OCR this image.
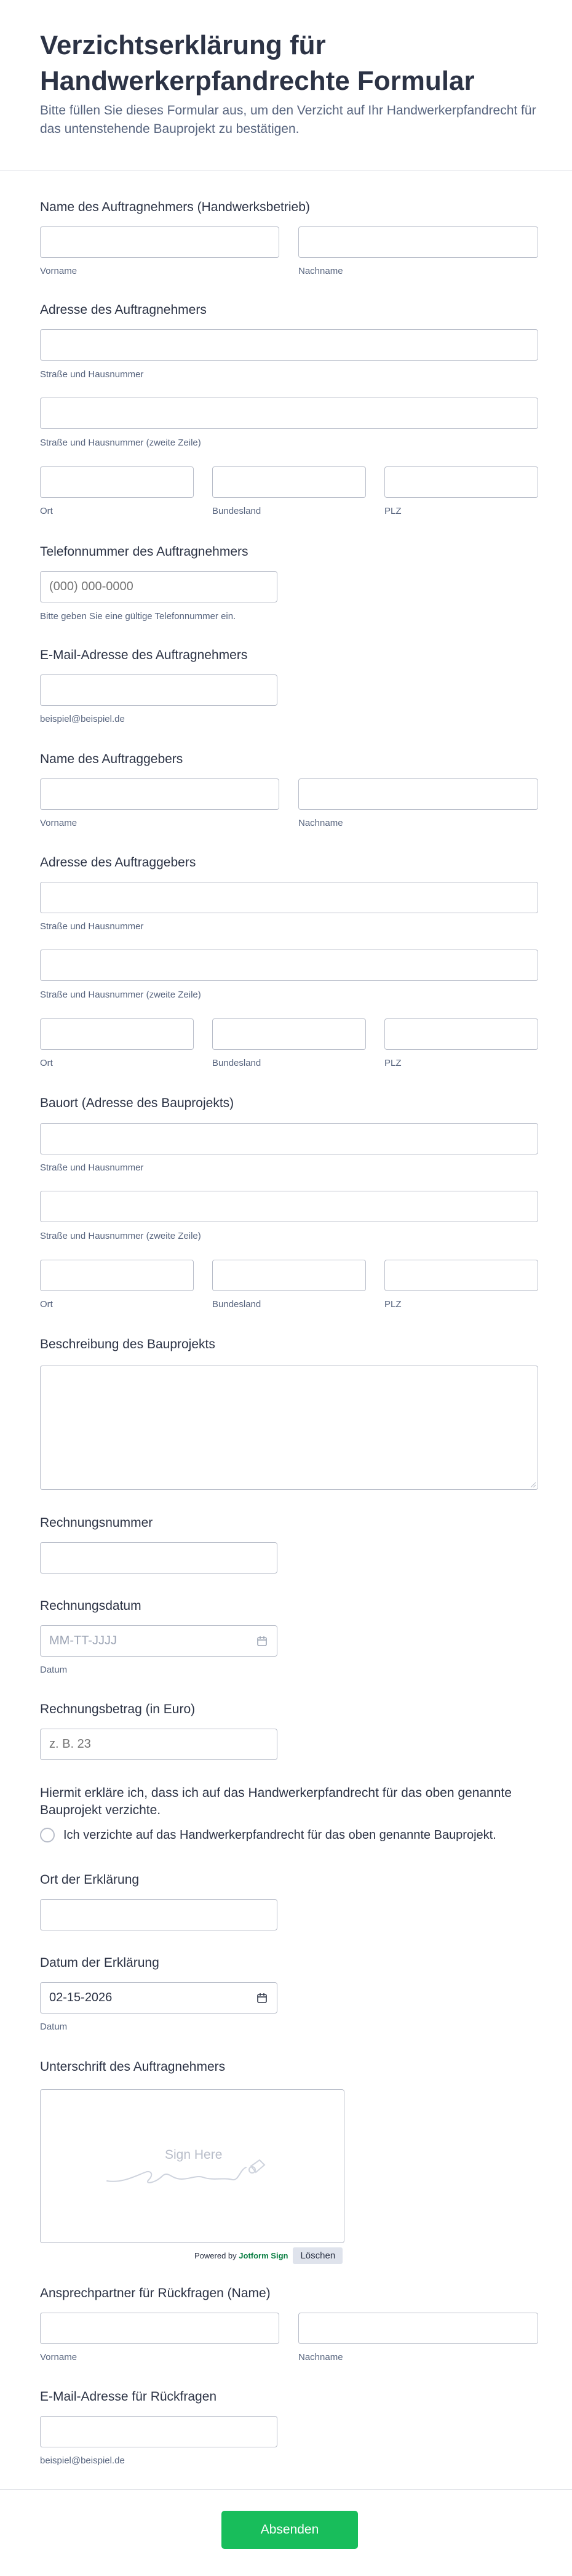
Verzichtserklärung für Handwerkerpfandrechte Formular
Bitte füllen Sie dieses Formular aus, um den Verzicht auf Ihr Handwerkerpfandrecht für das untenstehende Bauprojekt zu bestätigen.
Name des Auftragnehmers (Handwerksbetrieb)
Vorname	Nachname
Adresse des Auftragnehmers
Straße und Hausnummer
Straße und Hausnummer (zweite Zeile)
Ort	Bundesland	PLZ
Telefonnummer des Auftragnehmers
(000) 000-0000
Bitte geben Sie eine gültige Telefonnummer ein.
E-Mail-Adresse des Auftragnehmers
beispiel@beispiel.de
Name des Auftraggebers
Vorname	Nachname
Adresse des Auftraggebers
Straße und Hausnummer
Straße und Hausnummer (zweite Zeile)
Ort	Bundesland	PLZ
Bauort (Adresse des Bauprojekts)
Straße und Hausnummer
Straße und Hausnummer (zweite Zeile)
Ort	Bundesland	PLZ
Beschreibung des Bauprojekts
Rechnungsnummer
Rechnungsdatum
MM-TT-JJJJ
Datum
Rechnungsbetrag (in Euro)
z. B. 23
Hiermit erkläre ich, dass ich auf das Handwerkerpfandrecht für das oben genannte Bauprojekt verzichte.
Ich verzichte auf das Handwerkerpfandrecht für das oben genannte Bauprojekt.
Ort der Erklärung
Datum der Erklärung
02-15-2026
Datum
Unterschrift des Auftragnehmers
Sign Here
Powered by Jotform Sign	Löschen
Ansprechpartner für Rückfragen (Name)
Vorname	Nachname
E-Mail-Adresse für Rückfragen
beispiel@beispiel.de
Absenden
